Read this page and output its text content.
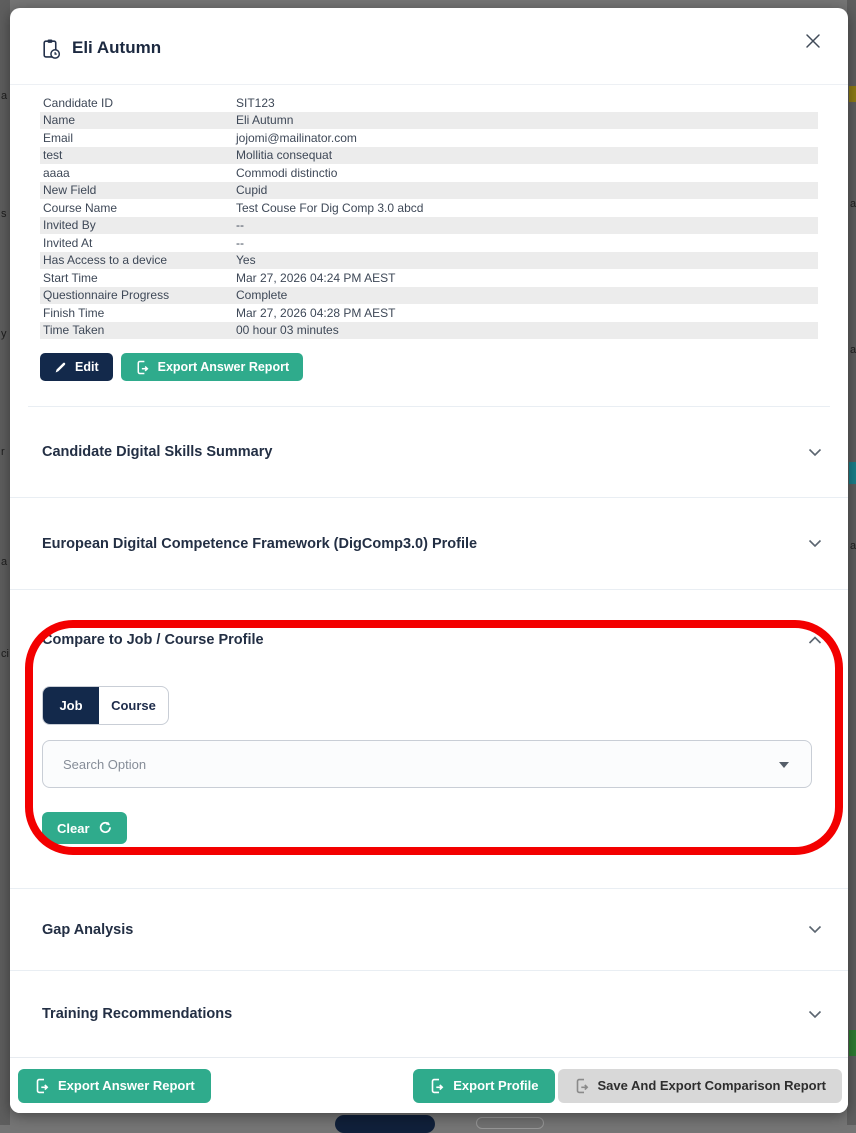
a
s
y
r
a
ci
a
a
a
Eli Autumn
Candidate ID	SIT123
Name	Eli Autumn
Email	jojomi@mailinator.com
test	Mollitia consequat
aaaa	Commodi distinctio
New Field	Cupid
Course Name	Test Couse For Dig Comp 3.0 abcd
Invited By	--
Invited At	--
Has Access to a device	Yes
Start Time	Mar 27, 2026 04:24 PM AEST
Questionnaire Progress	Complete
Finish Time	Mar 27, 2026 04:28 PM AEST
Time Taken	00 hour 03 minutes
Edit	Export Answer Report
Candidate Digital Skills Summary
European Digital Competence Framework (DigComp3.0) Profile
Compare to Job / Course Profile
Job	Course
Search Option
Clear
Gap Analysis
Training Recommendations
Export Answer Report	Export Profile	Save And Export Comparison Report
